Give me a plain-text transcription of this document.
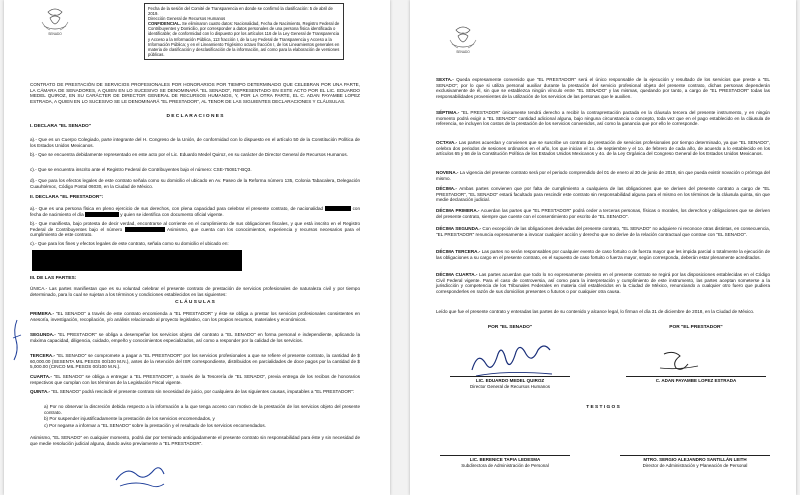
SENADO

Fecha de la sesión del Comité de Transparencia en donde se confirmó la clasificación: 5 de abril de 2019.

Dirección General de Recursos Humanos

CONFIDENCIAL. Se eliminaron cuatro datos: Nacionalidad, Fecha de Nacimiento, Registro Federal de Contribuyentes y Domicilio, por corresponder a datos personales de una persona física identificada o identificable; de conformidad con lo dispuesto por los artículos 116 de la Ley General de Transparencia y Acceso a la Información Pública, 113 fracción I, de la Ley Federal de Transparencia y Acceso a la Información Pública; y en el Lineamiento Trigésimo octavo fracción I, de los Lineamientos generales en materia de clasificación y desclasificación de la información, así como para la elaboración de versiones públicas.

CONTRATO DE PRESTACIÓN DE SERVICIOS PROFESIONALES POR HONORARIOS POR TIEMPO DETERMINADO QUE CELEBRAN POR UNA PARTE, LA CÁMARA DE SENADORES, A QUIEN EN LO SUCESIVO SE DENOMINARÁ "EL SENADO", REPRESENTADO EN ESTE ACTO POR EL LIC. EDUARDO MEDEL QUIROZ, EN SU CARÁCTER DE DIRECTOR GENERAL DE RECURSOS HUMANOS, Y, POR LA OTRA PARTE, EL C. ADAN PAYAMBE LOPEZ ESTRADA, A QUIEN EN LO SUCESIVO SE LE DENOMINARÁ "EL PRESTADOR", AL TENOR DE LAS SIGUIENTES DECLARACIONES Y CLÁUSULAS.

D E C L A R A C I O N E S

I. DECLARA "EL SENADO"

a).- Que es un Cuerpo Colegiado, parte integrante del H. Congreso de la Unión, de conformidad con lo dispuesto en el artículo 50 de la Constitución Política de los Estados Unidos Mexicanos.

b).- Que se encuentra debidamente representado en este acto por el Lic. Eduardo Medel Quiroz, en su carácter de Director General de Recursos Humanos.

c).- Que se encuentra inscrito ante el Registro Federal de Contribuyentes bajo el número: CSE-750817-BQ3.

d).- Que para los efectos legales de este contrato señala como su domicilio el ubicado en Av. Paseo de la Reforma número 135, Colonia Tabacalera, Delegación Cuauhtémoc, Código Postal 06030, en la Ciudad de México.

II. DECLARA "EL PRESTADOR":

a).- Que es una persona física en pleno ejercicio de sus derechos, con plena capacidad para celebrar el presente contrato, de nacionalidad	con fecha de nacimiento el día	y quien se identifica con documento oficial vigente.

b).- Que manifiesta, bajo protesta de decir verdad, encontrarse al corriente en el cumplimiento de sus obligaciones fiscales, y que está inscrito en el Registro Federal de Contribuyentes bajo el número	Asimismo, que cuenta con los conocimientos, experiencia y recursos necesarios para el cumplimiento de este contrato.

c).- Que para los fines y efectos legales de este contrato, señala como su domicilio el ubicado en:

III. DE LAS PARTES:

ÚNICA.- Las partes manifiestan que es su voluntad celebrar el presente contrato de prestación de servicios profesionales de naturaleza civil y por tiempo determinado, para lo cual se sujetan a los términos y condiciones establecidos en las siguientes:

C L Á U S U L A S

PRIMERA.- "EL SENADO" a través de este contrato encomienda a "EL PRESTADOR" y éste se obliga a prestar los servicios profesionales consistentes en Asesoría, investigación, recopilación, y/o análisis relacionado al proyecto legislativo, con los propios recursos, materiales y económicos.

SEGUNDA.- "EL PRESTADOR" se obliga a desempeñar los servicios objeto del contrato a "EL SENADO" en forma personal e independiente, aplicando la máxima capacidad, diligencia, cuidado, empeño y conocimientos especializados, así como a responder por la calidad de los servicios.

TERCERA.- "EL SENADO" se compromete a pagar a "EL PRESTADOR" por los servicios profesionales a que se refiere el presente contrato, la cantidad de $ 60,000.00 (SESENTA MIL PESOS 00/100 M.N.), antes de la retención del ISR correspondiente, distribuidos en parcialidades de doce pagos por la cantidad de $ 5,000.00 (CINCO MIL PESOS 00/100 M.N.).

CUARTA.- "EL SENADO" se obliga a entregar a "EL PRESTADOR", a través de la Tesorería de "EL SENADO", previa entrega de los recibos de honorarios respectivos que cumplan con los términos de la Legislación Fiscal vigente.

QUINTA.- "EL SENADO" podrá rescindir el presente contrato sin necesidad de juicio, por cualquiera de las siguientes causas, imputables a "EL PRESTADOR":

a) Por no observar la discreción debida respecto a la información a la que tenga acceso con motivo de la prestación de los servicios objeto del presente contrato.

b) Por suspender injustificadamente la prestación de los servicios encomendados, y

c) Por negarse a informar a "EL SENADO" sobre la prestación y el resultado de los servicios encomendados.

Asimismo, "EL SENADO" en cualquier momento, podrá dar por terminado anticipadamente el presente contrato sin responsabilidad para éste y sin necesidad de que medie resolución judicial alguna, dando aviso previamente a "EL PRESTADOR".

SENADO

SEXTA.- Queda expresamente convenido que "EL PRESTADOR" será el único responsable de la ejecución y resultado de los servicios que preste a "EL SENADO"; por lo que si utiliza personal auxiliar durante la prestación del servicio profesional objeto del presente contrato, dichas personas dependerán exclusivamente de él, sin que se establezca ningún vínculo entre "EL SENADO" y las mismas, quedando por tanto, a cargo de "EL PRESTADOR" todas las responsabilidades provenientes de la utilización de los servicios de las personas que le auxilien.

SÉPTIMA.- "EL PRESTADOR" únicamente tendrá derecho a recibir la contraprestación pactada en la cláusula tercera del presente instrumento, y en ningún momento podrá exigir a "EL SENADO" cantidad adicional alguna, bajo ninguna circunstancia o concepto, toda vez que en el pago establecido en la cláusula de referencia, se incluyen los costos de la prestación de los servicios convenidos, así como la ganancia que por ello le corresponde.

OCTAVA.- Las partes acuerdan y convienen que se suscribe un contrato de prestación de servicios profesionales por tiempo determinado, ya que "EL SENADO", celebra dos periodos de sesiones ordinarios en el año, los que inician el 1o. de septiembre y el 1o. de febrero de cada año, de acuerdo a lo establecido en los artículos 65 y 66 de la Constitución Política de los Estados Unidos Mexicanos y 4o. de la Ley Orgánica del Congreso General de los Estados Unidos Mexicanos.

NOVENA.- La vigencia del presente contrato será por el periodo comprendido del 01 de enero al 30 de junio de 2019, sin que pueda existir novación o prórroga del mismo.

DÉCIMA.- Ambas partes convienen que por falta de cumplimiento a cualquiera de las obligaciones que se deriven del presente contrato a cargo de "EL PRESTADOR", "EL SENADO" estará facultado para rescindir este contrato sin responsabilidad alguna para el mismo en los términos de la cláusula quinta, sin que medie declaración judicial.

DÉCIMA PRIMERA.- Acuerdan las partes que "EL PRESTADOR" podrá ceder a terceras personas, físicas o morales, los derechos y obligaciones que se deriven del presente contrato, siempre que cuente con el consentimiento por escrito de "EL SENADO".

DÉCIMA SEGUNDA.- Con excepción de las obligaciones derivadas del presente contrato, "EL SENADO" no adquiere ni reconoce otras distintas, en consecuencia, "EL PRESTADOR" renuncia expresamente a invocar cualquier acción y derecho que no derive de la relación contractual que contrae con "EL SENADO".

DÉCIMA TERCERA.- Las partes no serán responsables por cualquier evento de caso fortuito o de fuerza mayor que les impida parcial o totalmente la ejecución de las obligaciones a su cargo en el presente contrato, en el supuesto de caso fortuito o fuerza mayor, según corresponda, deberán estar plenamente acreditados.

DÉCIMA CUARTA.- Las partes acuerdan que todo lo no expresamente previsto en el presente contrato se regirá por las disposiciones establecidas en el Código Civil Federal vigente. Para el caso de controversia, así como para la interpretación y cumplimiento de este instrumento, las partes aceptan someterse a la jurisdicción y competencia de los Tribunales Federales en materia civil establecidos en la Ciudad de México, renunciando a cualquier otro fuero que pudiera corresponderles en razón de sus domicilios presentes o futuros o por cualquier otra causa.

Leído que fue el presente contrato y enteradas las partes de su contenido y alcance legal, lo firman el día 31 de diciembre de 2018, en la Ciudad de México.

POR "EL SENADO"	POR "EL PRESTADOR"

LIC. EDUARDO MEDEL QUIROZ

Director General de Recursos Humanos

C. ADAN PAYAMBE LOPEZ ESTRADA

T E S T I G O S

LIC. BERENICE TAPIA LEDESMA

Subdirectora de Administración de Personal

MTRO. SERGIO ALEJANDRO SANTILLÁN LEITH

Director de Administración y Planeación de Personal
